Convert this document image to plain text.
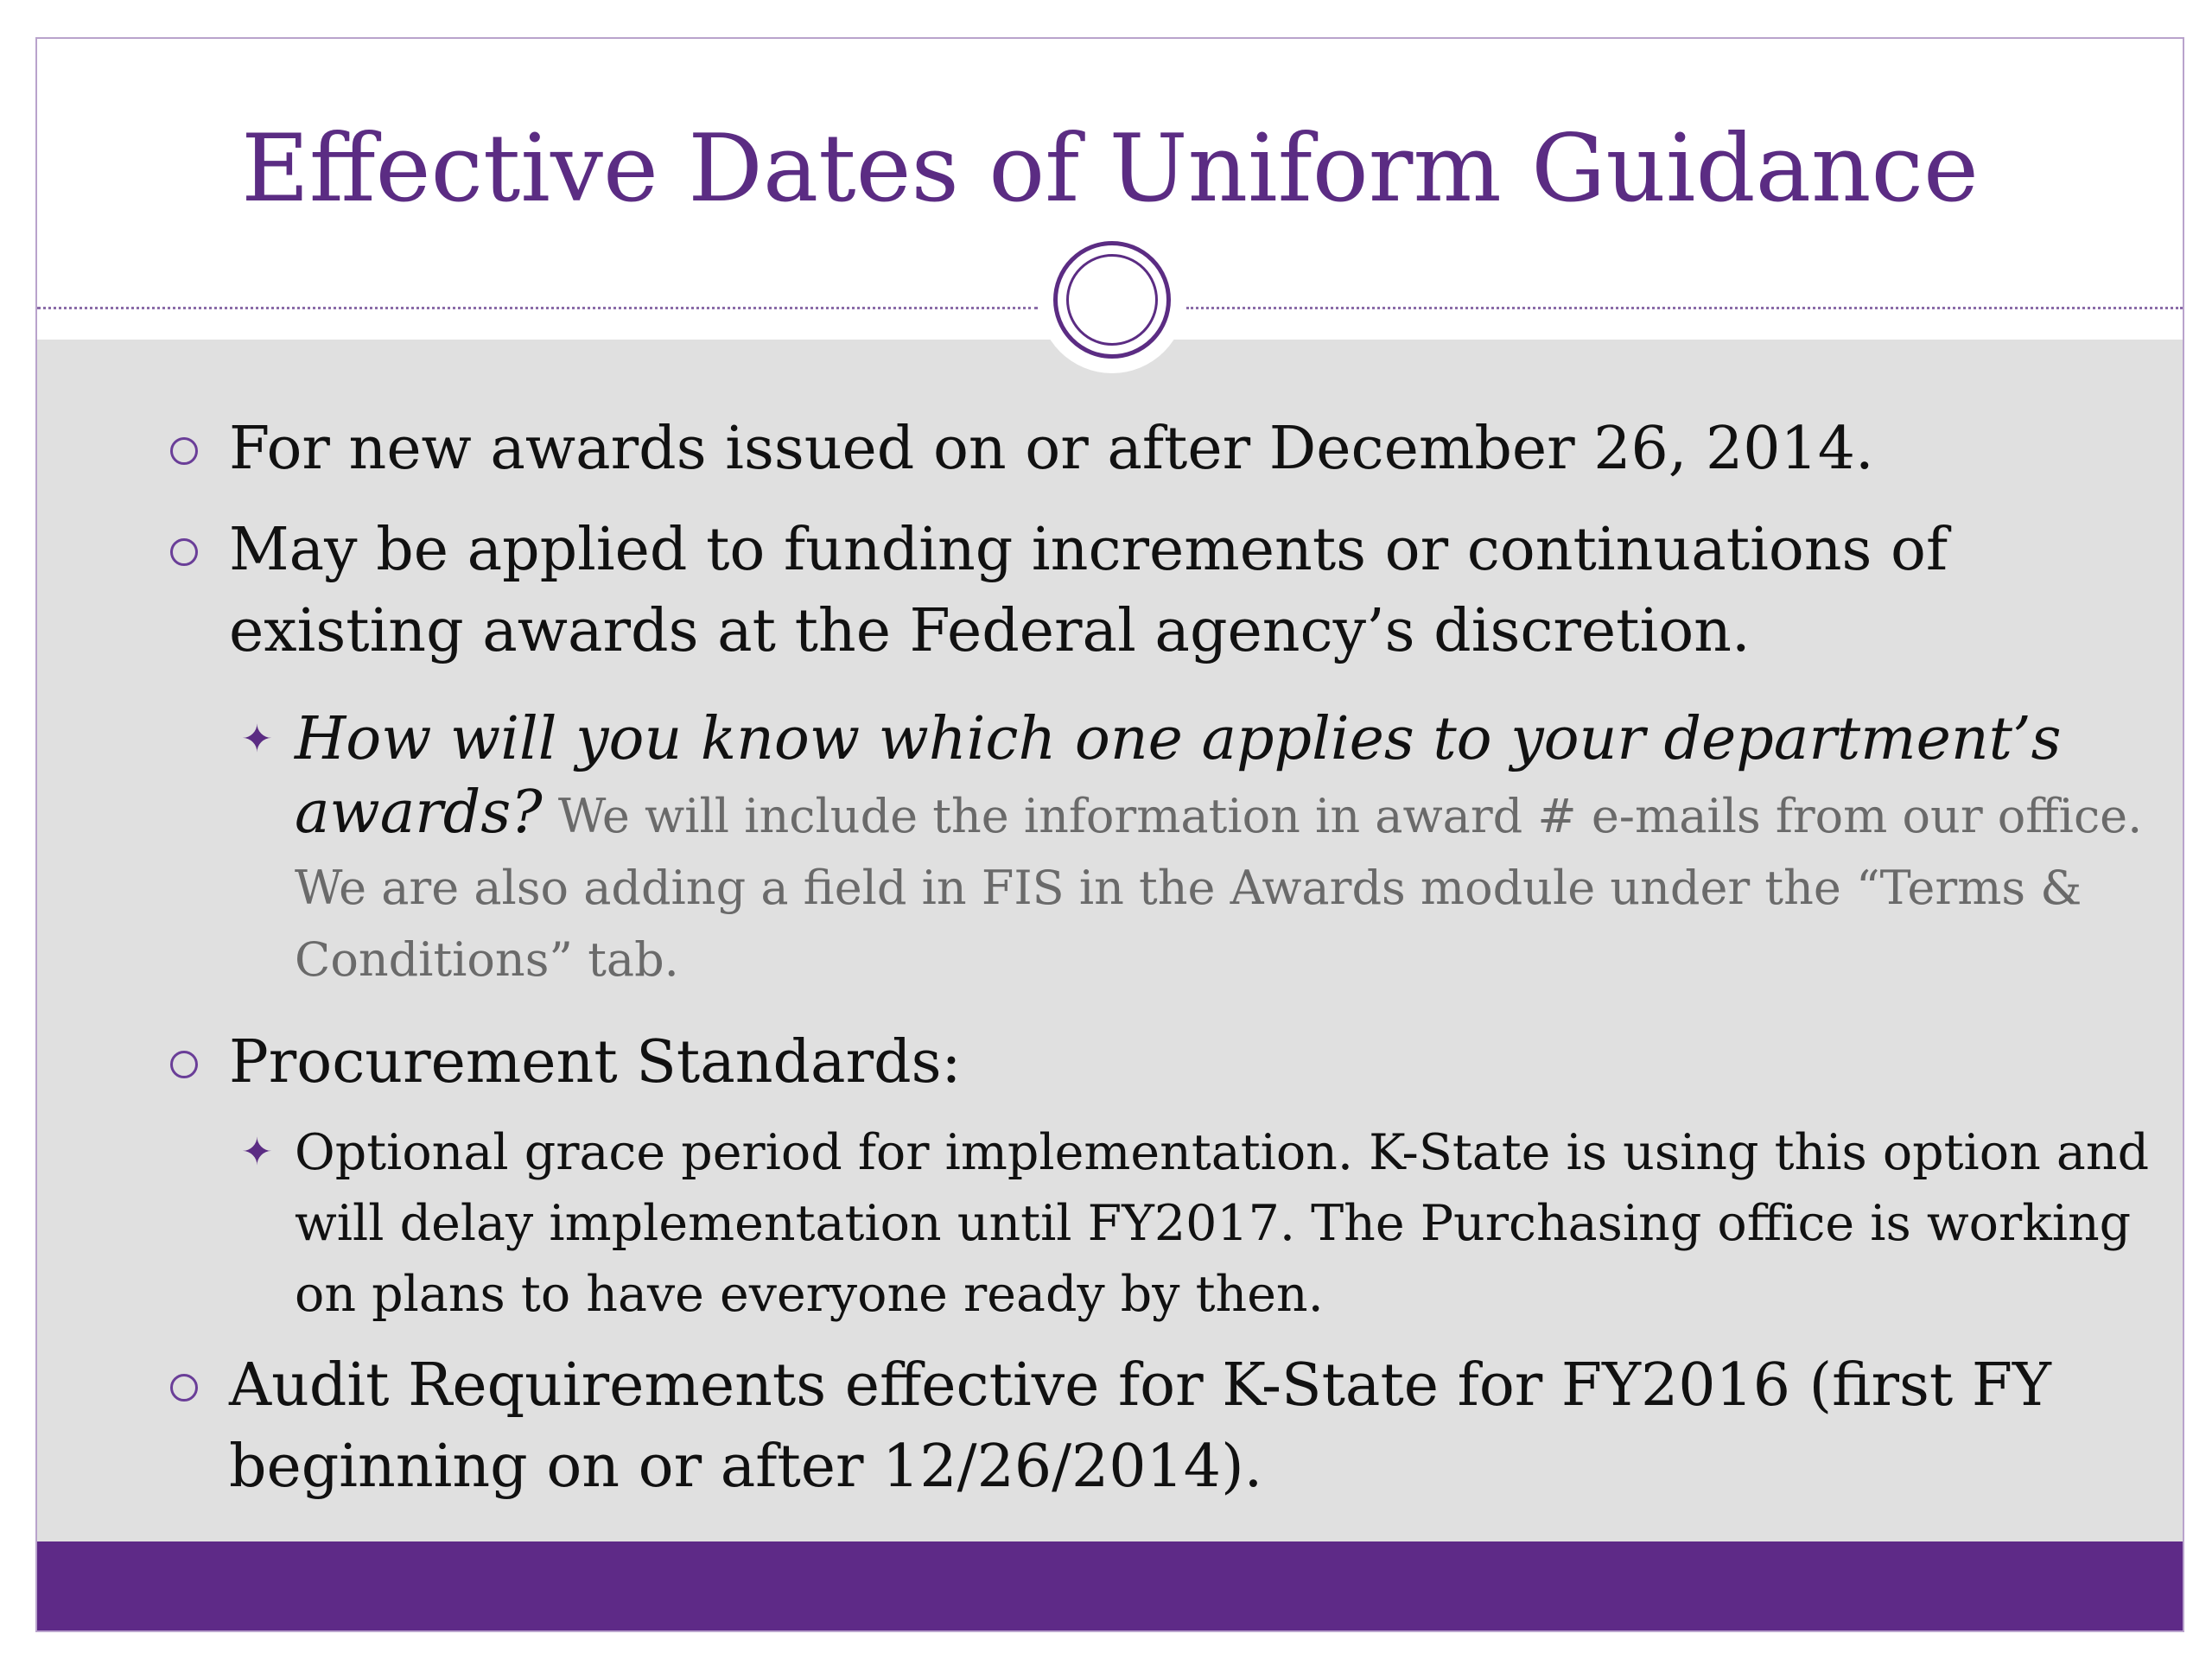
Effective Dates of Uniform Guidance
For new awards issued on or after December 26, 2014.
May be applied to funding increments or continuations of existing awards at the Federal agency’s discretion.
✦ How will you know which one applies to your department’s awards? We will include the information in award # e-mails from our office. We are also adding a field in FIS in the Awards module under the “Terms & Conditions” tab.
Procurement Standards:
✦ Optional grace period for implementation. K-State is using this option and will delay implementation until FY2017. The Purchasing office is working on plans to have everyone ready by then.
Audit Requirements effective for K-State for FY2016 (first FY beginning on or after 12/26/2014).
